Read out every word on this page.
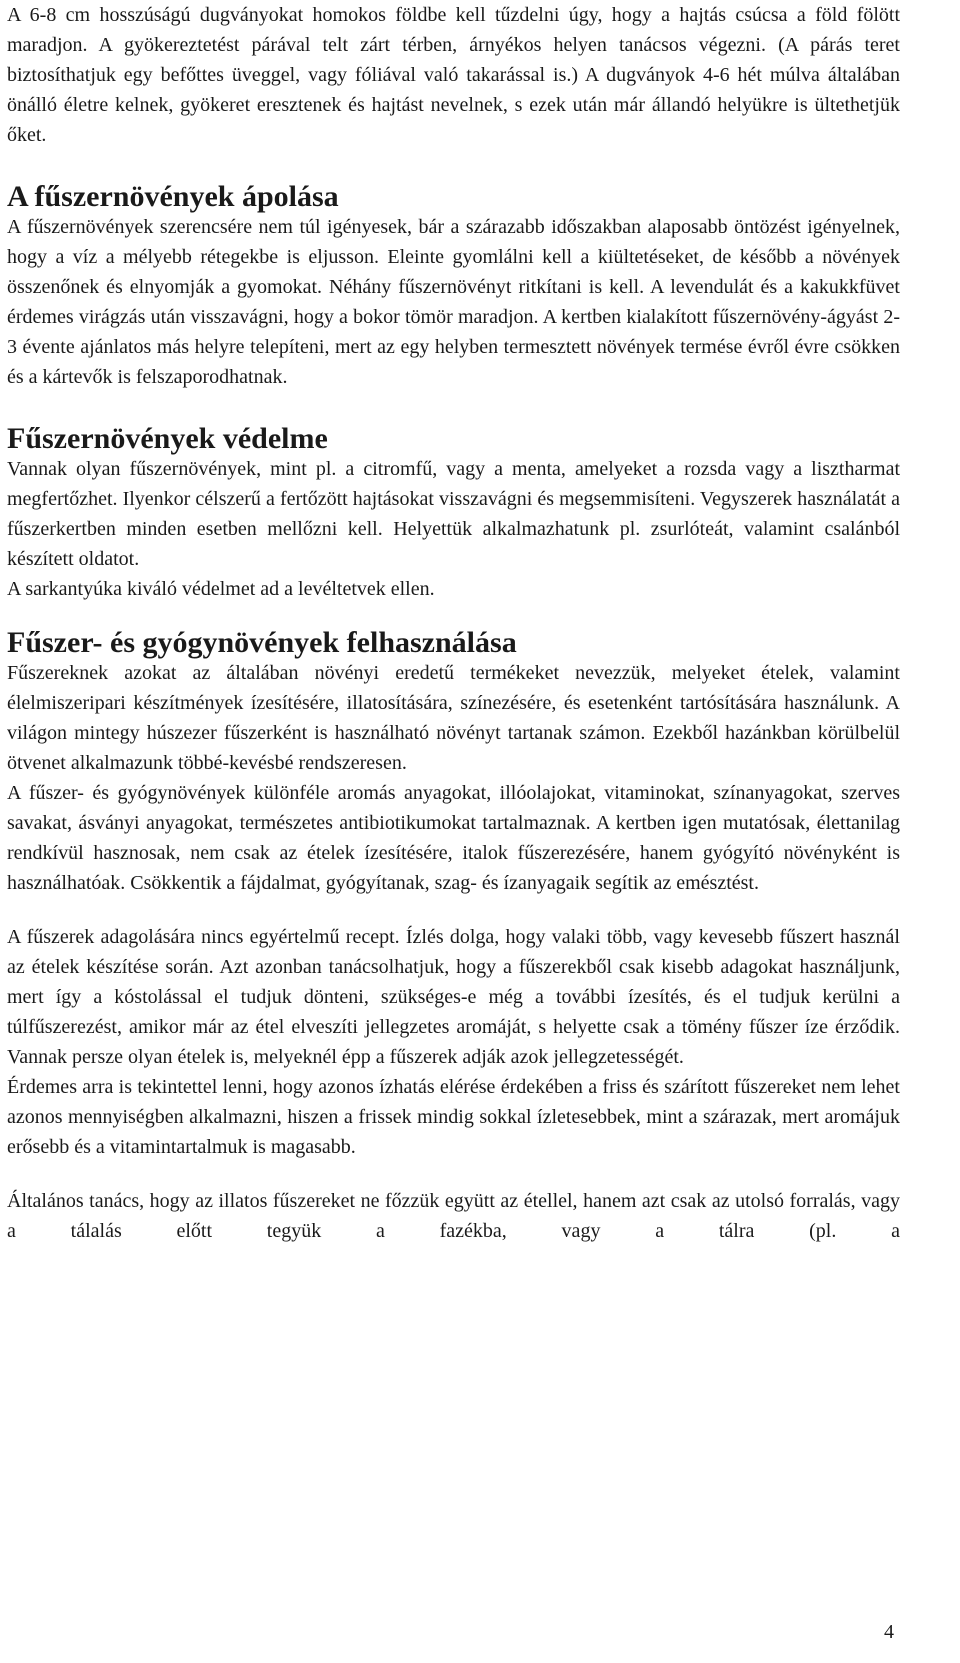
A 6-8 cm hosszúságú dugványokat homokos földbe kell tűzdelni úgy, hogy a hajtás csúcsa a föld fölött maradjon. A gyökereztetést párával telt zárt térben, árnyékos helyen tanácsos végezni. (A párás teret biztosíthatjuk egy befőttes üveggel, vagy fóliával való takarással is.) A dugványok 4-6 hét múlva általában önálló életre kelnek, gyökeret eresztenek és hajtást nevelnek, s ezek után már állandó helyükre is ültethetjük őket.

A fűszernövények ápolása

A fűszernövények szerencsére nem túl igényesek, bár a szárazabb időszakban alaposabb öntözést igényelnek, hogy a víz a mélyebb rétegekbe is eljusson. Eleinte gyomlálni kell a kiültetéseket, de később a növények összenőnek és elnyomják a gyomokat. Néhány fűszernövényt ritkítani is kell. A levendulát és a kakukkfüvet érdemes virágzás után visszavágni, hogy a bokor tömör maradjon. A kertben kialakított fűszernövény-ágyást 2-3 évente ajánlatos más helyre telepíteni, mert az egy helyben termesztett növények termése évről évre csökken és a kártevők is felszaporodhatnak.

Fűszernövények védelme

Vannak olyan fűszernövények, mint pl. a citromfű, vagy a menta, amelyeket a rozsda vagy a lisztharmat megfertőzhet. Ilyenkor célszerű a fertőzött hajtásokat visszavágni és megsemmisíteni. Vegyszerek használatát a fűszerkertben minden esetben mellőzni kell. Helyettük alkalmazhatunk pl. zsurlóteát, valamint csalánból készített oldatot.

A sarkantyúka kiváló védelmet ad a levéltetvek ellen.

Fűszer- és gyógynövények felhasználása

Fűszereknek azokat az általában növényi eredetű termékeket nevezzük, melyeket ételek, valamint élelmiszeripari készítmények ízesítésére, illatosítására, színezésére, és esetenként tartósítására használunk. A világon mintegy húszezer fűszerként is használható növényt tartanak számon. Ezekből hazánkban körülbelül ötvenet alkalmazunk többé-kevésbé rendszeresen.

A fűszer- és gyógynövények különféle aromás anyagokat, illóolajokat, vitaminokat, színanyagokat, szerves savakat, ásványi anyagokat, természetes antibiotikumokat tartalmaznak. A kertben igen mutatósak, élettanilag rendkívül hasznosak, nem csak az ételek ízesítésére, italok fűszerezésére, hanem gyógyító növényként is használhatóak. Csökkentik a fájdalmat, gyógyítanak, szag- és ízanyagaik segítik az emésztést.

A fűszerek adagolására nincs egyértelmű recept. Ízlés dolga, hogy valaki több, vagy kevesebb fűszert használ az ételek készítése során. Azt azonban tanácsolhatjuk, hogy a fűszerekből csak kisebb adagokat használjunk, mert így a kóstolással el tudjuk dönteni, szükséges-e még a további ízesítés, és el tudjuk kerülni a túlfűszerezést, amikor már az étel elveszíti jellegzetes aromáját, s helyette csak a tömény fűszer íze érződik. Vannak persze olyan ételek is, melyeknél épp a fűszerek adják azok jellegzetességét.

Érdemes arra is tekintettel lenni, hogy azonos ízhatás elérése érdekében a friss és szárított fűszereket nem lehet azonos mennyiségben alkalmazni, hiszen a frissek mindig sokkal ízletesebbek, mint a szárazak, mert aromájuk erősebb és a vitamintartalmuk is magasabb.

Általános tanács, hogy az illatos fűszereket ne főzzük együtt az étellel, hanem azt csak az utolsó forralás, vagy a tálalás előtt tegyük a fazékba, vagy a tálra (pl. a

4
